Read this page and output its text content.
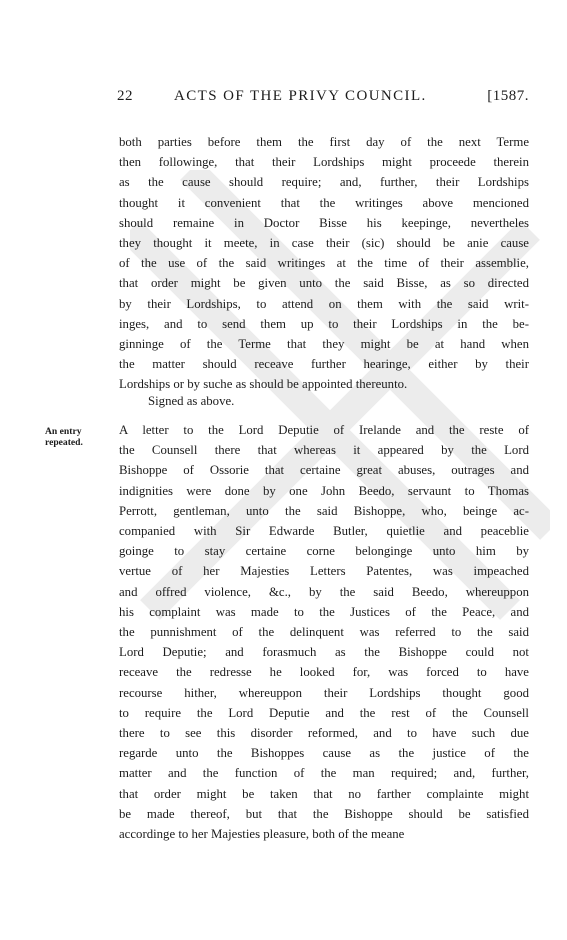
22	ACTS OF THE PRIVY COUNCIL.	[1587.
both parties before them the first day of the next Terme
then followinge, that their Lordships might proceede therein
as the cause should require; and, further, their Lordships
thought it convenient that the writinges above mencioned
should remaine in Doctor Bisse his keepinge, nevertheles
they thought it meete, in case their (sic) should be anie cause
of the use of the said writinges at the time of their assemblie,
that order might be given unto the said Bisse, as so directed
by their Lordships, to attend on them with the said writ-
inges, and to send them up to their Lordships in the be-
ginninge of the Terme that they might be at hand when
the matter should receave further hearinge, either by their
Lordships or by suche as should be appointed thereunto.
Signed as above.
An entry
repeated.
A letter to the Lord Deputie of Irelande and the reste of
the Counsell there that whereas it appeared by the Lord
Bishoppe of Ossorie that certaine great abuses, outrages and
indignities were done by one John Beedo, servaunt to Thomas
Perrott, gentleman, unto the said Bishoppe, who, beinge ac-
companied with Sir Edwarde Butler, quietlie and peaceblie
goinge to stay certaine corne belonginge unto him by
vertue of her Majesties Letters Patentes, was impeached
and offred violence, &c., by the said Beedo, whereuppon
his complaint was made to the Justices of the Peace, and
the punnishment of the delinquent was referred to the said
Lord Deputie; and forasmuch as the Bishoppe could not
receave the redresse he looked for, was forced to have
recourse hither, whereuppon their Lordships thought good
to require the Lord Deputie and the rest of the Counsell
there to see this disorder reformed, and to have such due
regarde unto the Bishoppes cause as the justice of the
matter and the function of the man required; and, further,
that order might be taken that no farther complainte might
be made thereof, but that the Bishoppe should be satisfied
accordinge to her Majesties pleasure, both of the meane
